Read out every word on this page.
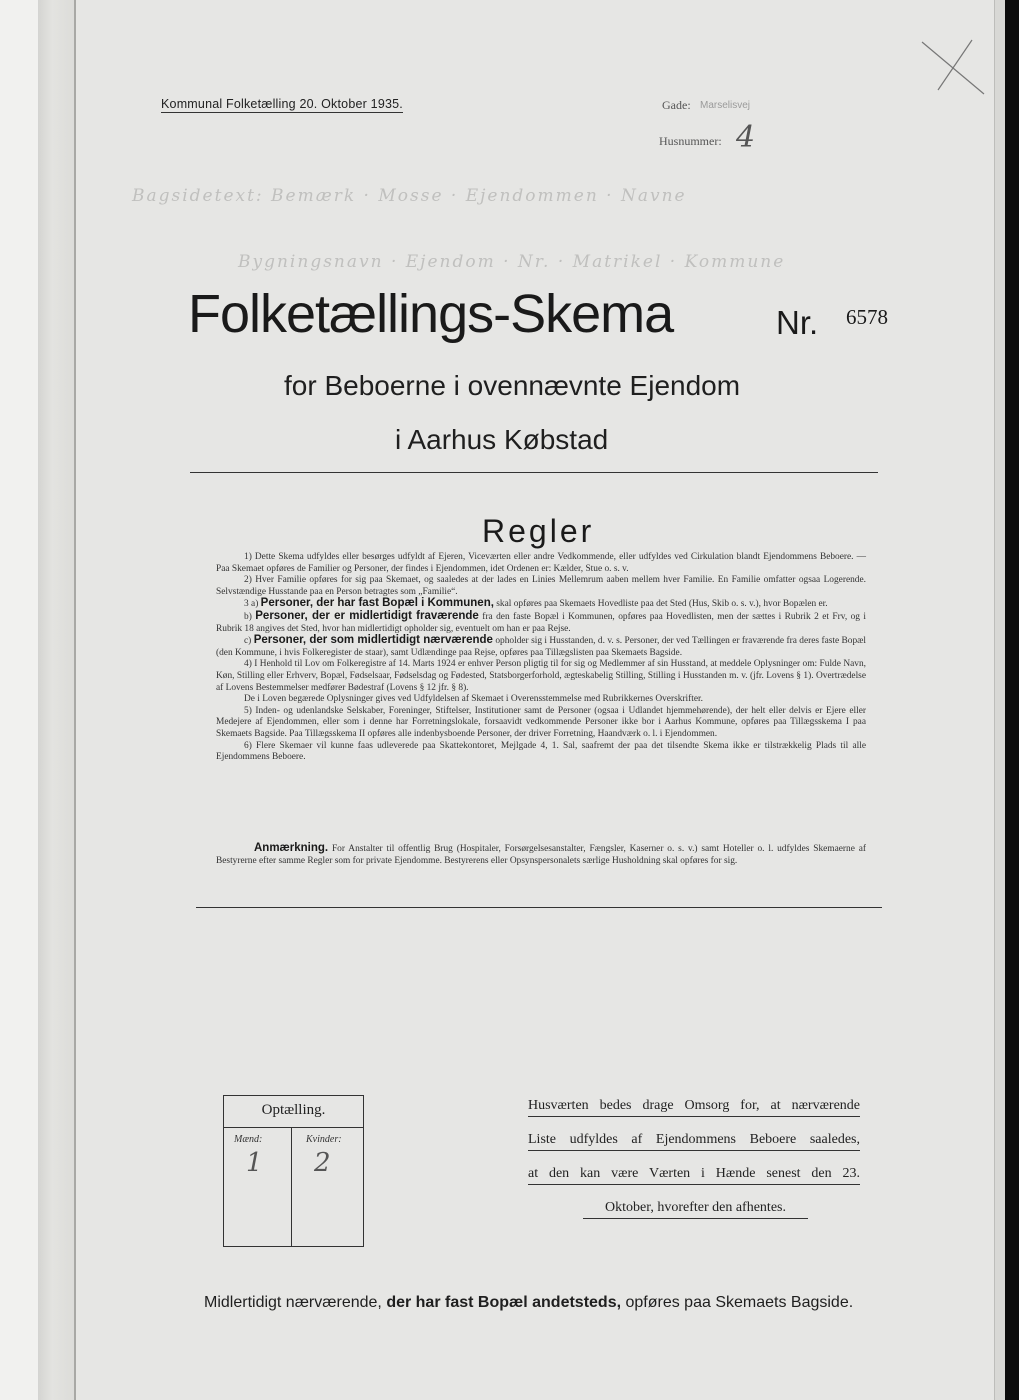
Kommunal Folketælling 20. Oktober 1935.	Gade: Marselisvej
Husnummer: 4
Bagsidetext: Bemærk · Mosse · Ejendommen · Navne
Bygningsnavn · Ejendom · Nr. · Matrikel · Kommune
Folketællings-Skema	Nr. 6578
for Beboerne i ovennævnte Ejendom
i Aarhus Købstad
Regler

1) Dette Skema udfyldes eller besørges udfyldt af Ejeren, Viceværten eller andre Vedkommende, eller udfyldes ved Cirkulation blandt Ejendommens Beboere. — Paa Skemaet opføres de Familier og Personer, der findes i Ejendommen, idet Ordenen er: Kælder, Stue o. s. v.

2) Hver Familie opføres for sig paa Skemaet, og saaledes at der lades en Linies Mellemrum aaben mellem hver Familie. En Familie omfatter ogsaa Logerende. Selvstændige Husstande paa en Person betragtes som „Familie“.

3 a) Personer, der har fast Bopæl i Kommunen, skal opføres paa Skemaets Hovedliste paa det Sted (Hus, Skib o. s. v.), hvor Bopælen er.

b) Personer, der er midlertidigt fraværende fra den faste Bopæl i Kommunen, opføres paa Hovedlisten, men der sættes i Rubrik 2 et Frv, og i Rubrik 18 angives det Sted, hvor han midlertidigt opholder sig, eventuelt om han er paa Rejse.

c) Personer, der som midlertidigt nærværende opholder sig i Husstanden, d. v. s. Personer, der ved Tællingen er fraværende fra deres faste Bopæl (den Kommune, i hvis Folkeregister de staar), samt Udlændinge paa Rejse, opføres paa Tillægslisten paa Skemaets Bagside.

4) I Henhold til Lov om Folkeregistre af 14. Marts 1924 er enhver Person pligtig til for sig og Medlemmer af sin Husstand, at meddele Oplysninger om: Fulde Navn, Køn, Stilling eller Erhverv, Bopæl, Fødselsaar, Fødselsdag og Fødested, Statsborgerforhold, ægteskabelig Stilling, Stilling i Husstanden m. v. (jfr. Lovens § 1). Overtrædelse af Lovens Bestemmelser medfører Bødestraf (Lovens § 12 jfr. § 8).

De i Loven begærede Oplysninger gives ved Udfyldelsen af Skemaet i Overensstemmelse med Rubrikkernes Overskrifter.

5) Inden- og udenlandske Selskaber, Foreninger, Stiftelser, Institutioner samt de Personer (ogsaa i Udlandet hjemmehørende), der helt eller delvis er Ejere eller Medejere af Ejendommen, eller som i denne har Forretningslokale, forsaavidt vedkommende Personer ikke bor i Aarhus Kommune, opføres paa Tillægsskema I paa Skemaets Bagside. Paa Tillægsskema II opføres alle indenbysboende Personer, der driver Forretning, Haandværk o. l. i Ejendommen.

6) Flere Skemaer vil kunne faas udleverede paa Skattekontoret, Mejlgade 4, 1. Sal, saafremt der paa det tilsendte Skema ikke er tilstrækkelig Plads til alle Ejendommens Beboere.

Anmærkning. For Anstalter til offentlig Brug (Hospitaler, Forsørgelsesanstalter, Fængsler, Kaserner o. s. v.) samt Hoteller o. l. udfyldes Skemaerne af Bestyrerne efter samme Regler som for private Ejendomme. Bestyrerens eller Opsynspersonalets særlige Husholdning skal opføres for sig.
Optælling.
Mænd:	Kvinder:
1 2
Husværten bedes drage Omsorg for, at nærværende
Liste udfyldes af Ejendommens Beboere saaledes,
at den kan være Værten i Hænde senest den 23.
Oktober, hvorefter den afhentes.
Midlertidigt nærværende, der har fast Bopæl andetsteds, opføres paa Skemaets Bagside.
